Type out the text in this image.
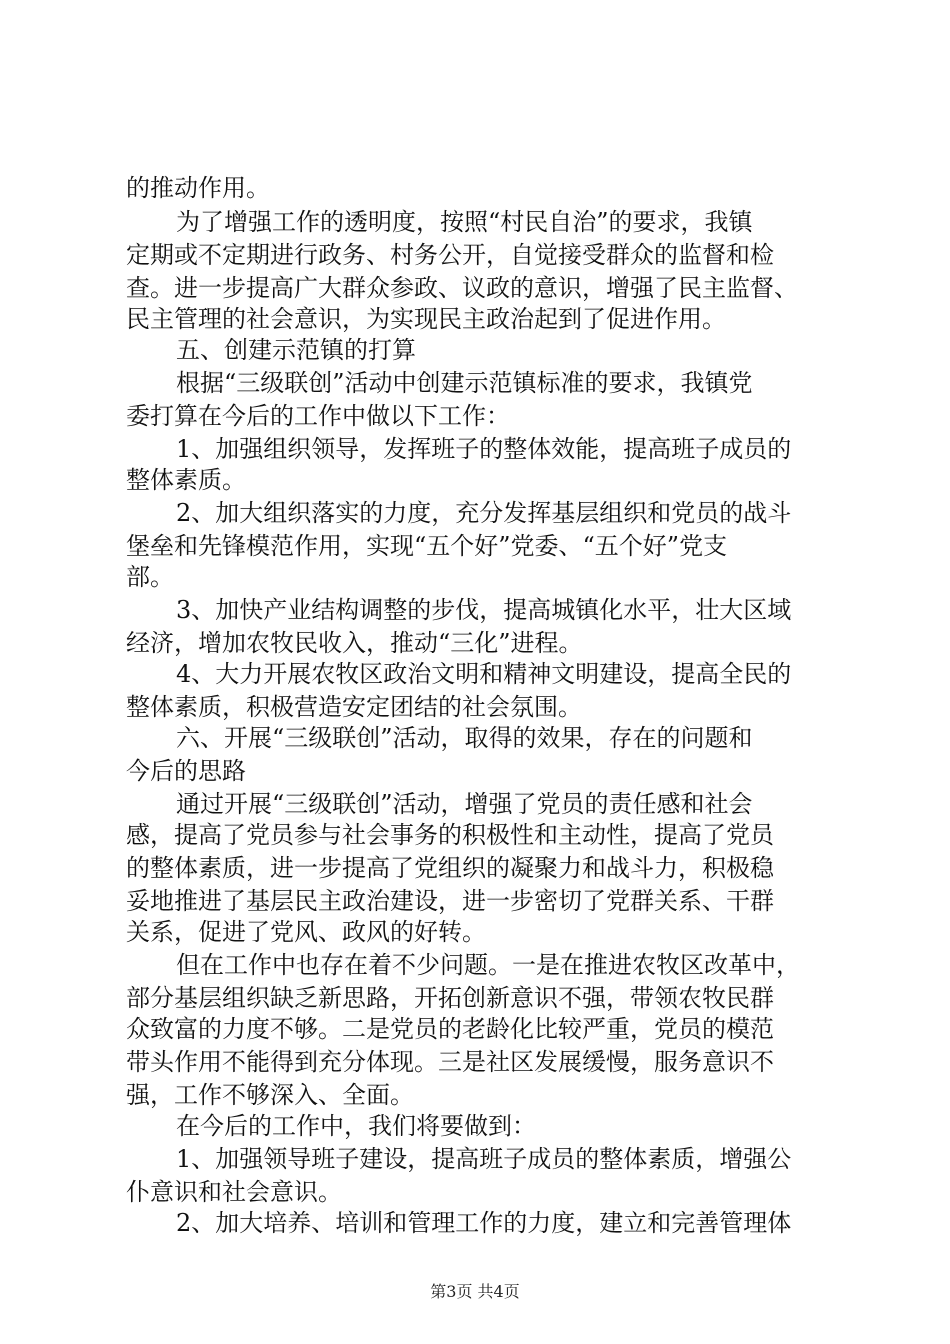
的推动作用。
为了增强工作的透明度，按照“村民自治”的要求，我镇
定期或不定期进行政务、村务公开，自觉接受群众的监督和检
查。进一步提高广大群众参政、议政的意识，增强了民主监督、
民主管理的社会意识，为实现民主政治起到了促进作用。
五、创建示范镇的打算
根据“三级联创”活动中创建示范镇标准的要求，我镇党
委打算在今后的工作中做以下工作：
1、加强组织领导，发挥班子的整体效能，提高班子成员的
整体素质。
2、加大组织落实的力度，充分发挥基层组织和党员的战斗
堡垒和先锋模范作用，实现“五个好”党委、“五个好”党支
部。
3、加快产业结构调整的步伐，提高城镇化水平，壮大区域
经济，增加农牧民收入，推动“三化”进程。
4、大力开展农牧区政治文明和精神文明建设，提高全民的
整体素质，积极营造安定团结的社会氛围。
六、开展“三级联创”活动，取得的效果，存在的问题和
今后的思路
通过开展“三级联创”活动，增强了党员的责任感和社会
感，提高了党员参与社会事务的积极性和主动性，提高了党员
的整体素质，进一步提高了党组织的凝聚力和战斗力，积极稳
妥地推进了基层民主政治建设，进一步密切了党群关系、干群
关系，促进了党风、政风的好转。
但在工作中也存在着不少问题。一是在推进农牧区改革中，
部分基层组织缺乏新思路，开拓创新意识不强，带领农牧民群
众致富的力度不够。二是党员的老龄化比较严重，党员的模范
带头作用不能得到充分体现。三是社区发展缓慢，服务意识不
强，工作不够深入、全面。
在今后的工作中，我们将要做到：
1、加强领导班子建设，提高班子成员的整体素质，增强公
仆意识和社会意识。
2、加大培养、培训和管理工作的力度，建立和完善管理体
第3页 共4页
